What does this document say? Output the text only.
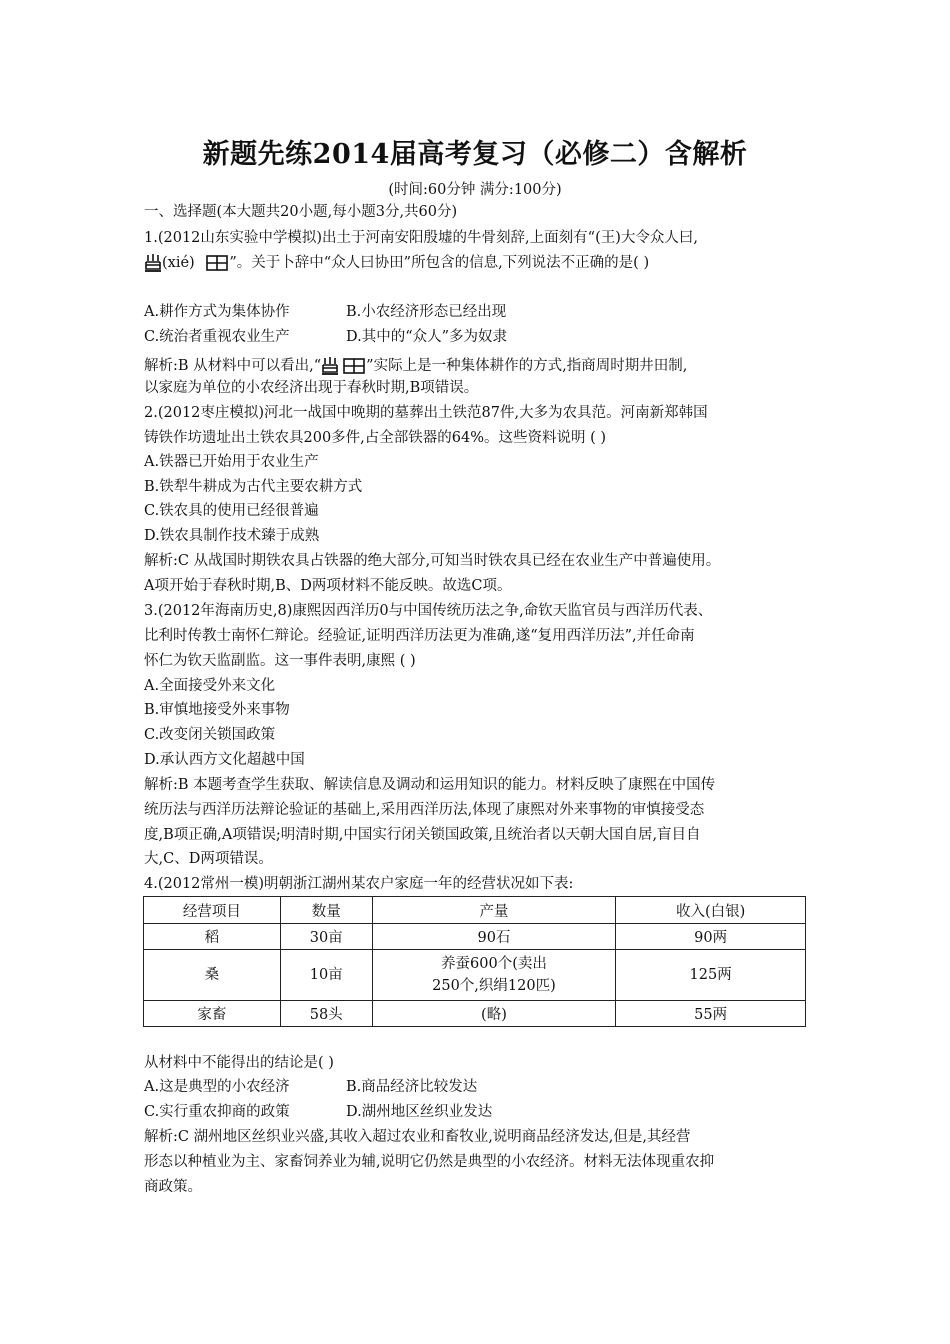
新题先练2014届高考复习（必修二）含解析
(时间:60分钟 满分:100分)
一、选择题(本大题共20小题,每小题3分,共60分)
1.(2012山东实验中学模拟)出土于河南安阳殷墟的牛骨刻辞,上面刻有“(王)大令众人曰,
(xié) ”。关于卜辞中“众人曰协田”所包含的信息,下列说法不正确的是( )
A.耕作方式为集体协作	B.小农经济形态已经出现
C.统治者重视农业生产	D.其中的“众人”多为奴隶
解析:B 从材料中可以看出,“	”实际上是一种集体耕作的方式,指商周时期井田制,
以家庭为单位的小农经济出现于春秋时期,B项错误。
2.(2012枣庄模拟)河北一战国中晚期的墓葬出土铁范87件,大多为农具范。河南新郑韩国
铸铁作坊遗址出土铁农具200多件,占全部铁器的64%。这些资料说明 ( )
A.铁器已开始用于农业生产
B.铁犁牛耕成为古代主要农耕方式
C.铁农具的使用已经很普遍
D.铁农具制作技术臻于成熟
解析:C 从战国时期铁农具占铁器的绝大部分,可知当时铁农具已经在农业生产中普遍使用。
A项开始于春秋时期,B、D两项材料不能反映。故选C项。
3.(2012年海南历史,8)康熙因西洋历0与中国传统历法之争,命钦天监官员与西洋历代表、
比利时传教士南怀仁辩论。经验证,证明西洋历法更为准确,遂“复用西洋历法”,并任命南
怀仁为钦天监副监。这一事件表明,康熙 ( )
A.全面接受外来文化
B.审慎地接受外来事物
C.改变闭关锁国政策
D.承认西方文化超越中国
解析:B 本题考查学生获取、解读信息及调动和运用知识的能力。材料反映了康熙在中国传
统历法与西洋历法辩论验证的基础上,采用西洋历法,体现了康熙对外来事物的审慎接受态
度,B项正确,A项错误;明清时期,中国实行闭关锁国政策,且统治者以天朝大国自居,盲目自
大,C、D两项错误。
4.(2012常州一模)明朝浙江湖州某农户家庭一年的经营状况如下表:
经营项目	数量	产量	收入(白银)
稻	30亩	90石	90两
桑	10亩	养蚕600个(卖出
250个,织绢120匹)	125两
家畜	58头	(略)	55两
从材料中不能得出的结论是( )
A.这是典型的小农经济	B.商品经济比较发达
C.实行重农抑商的政策	D.湖州地区丝织业发达
解析:C 湖州地区丝织业兴盛,其收入超过农业和畜牧业,说明商品经济发达,但是,其经营
形态以种植业为主、家畜饲养业为辅,说明它仍然是典型的小农经济。材料无法体现重农抑
商政策。
